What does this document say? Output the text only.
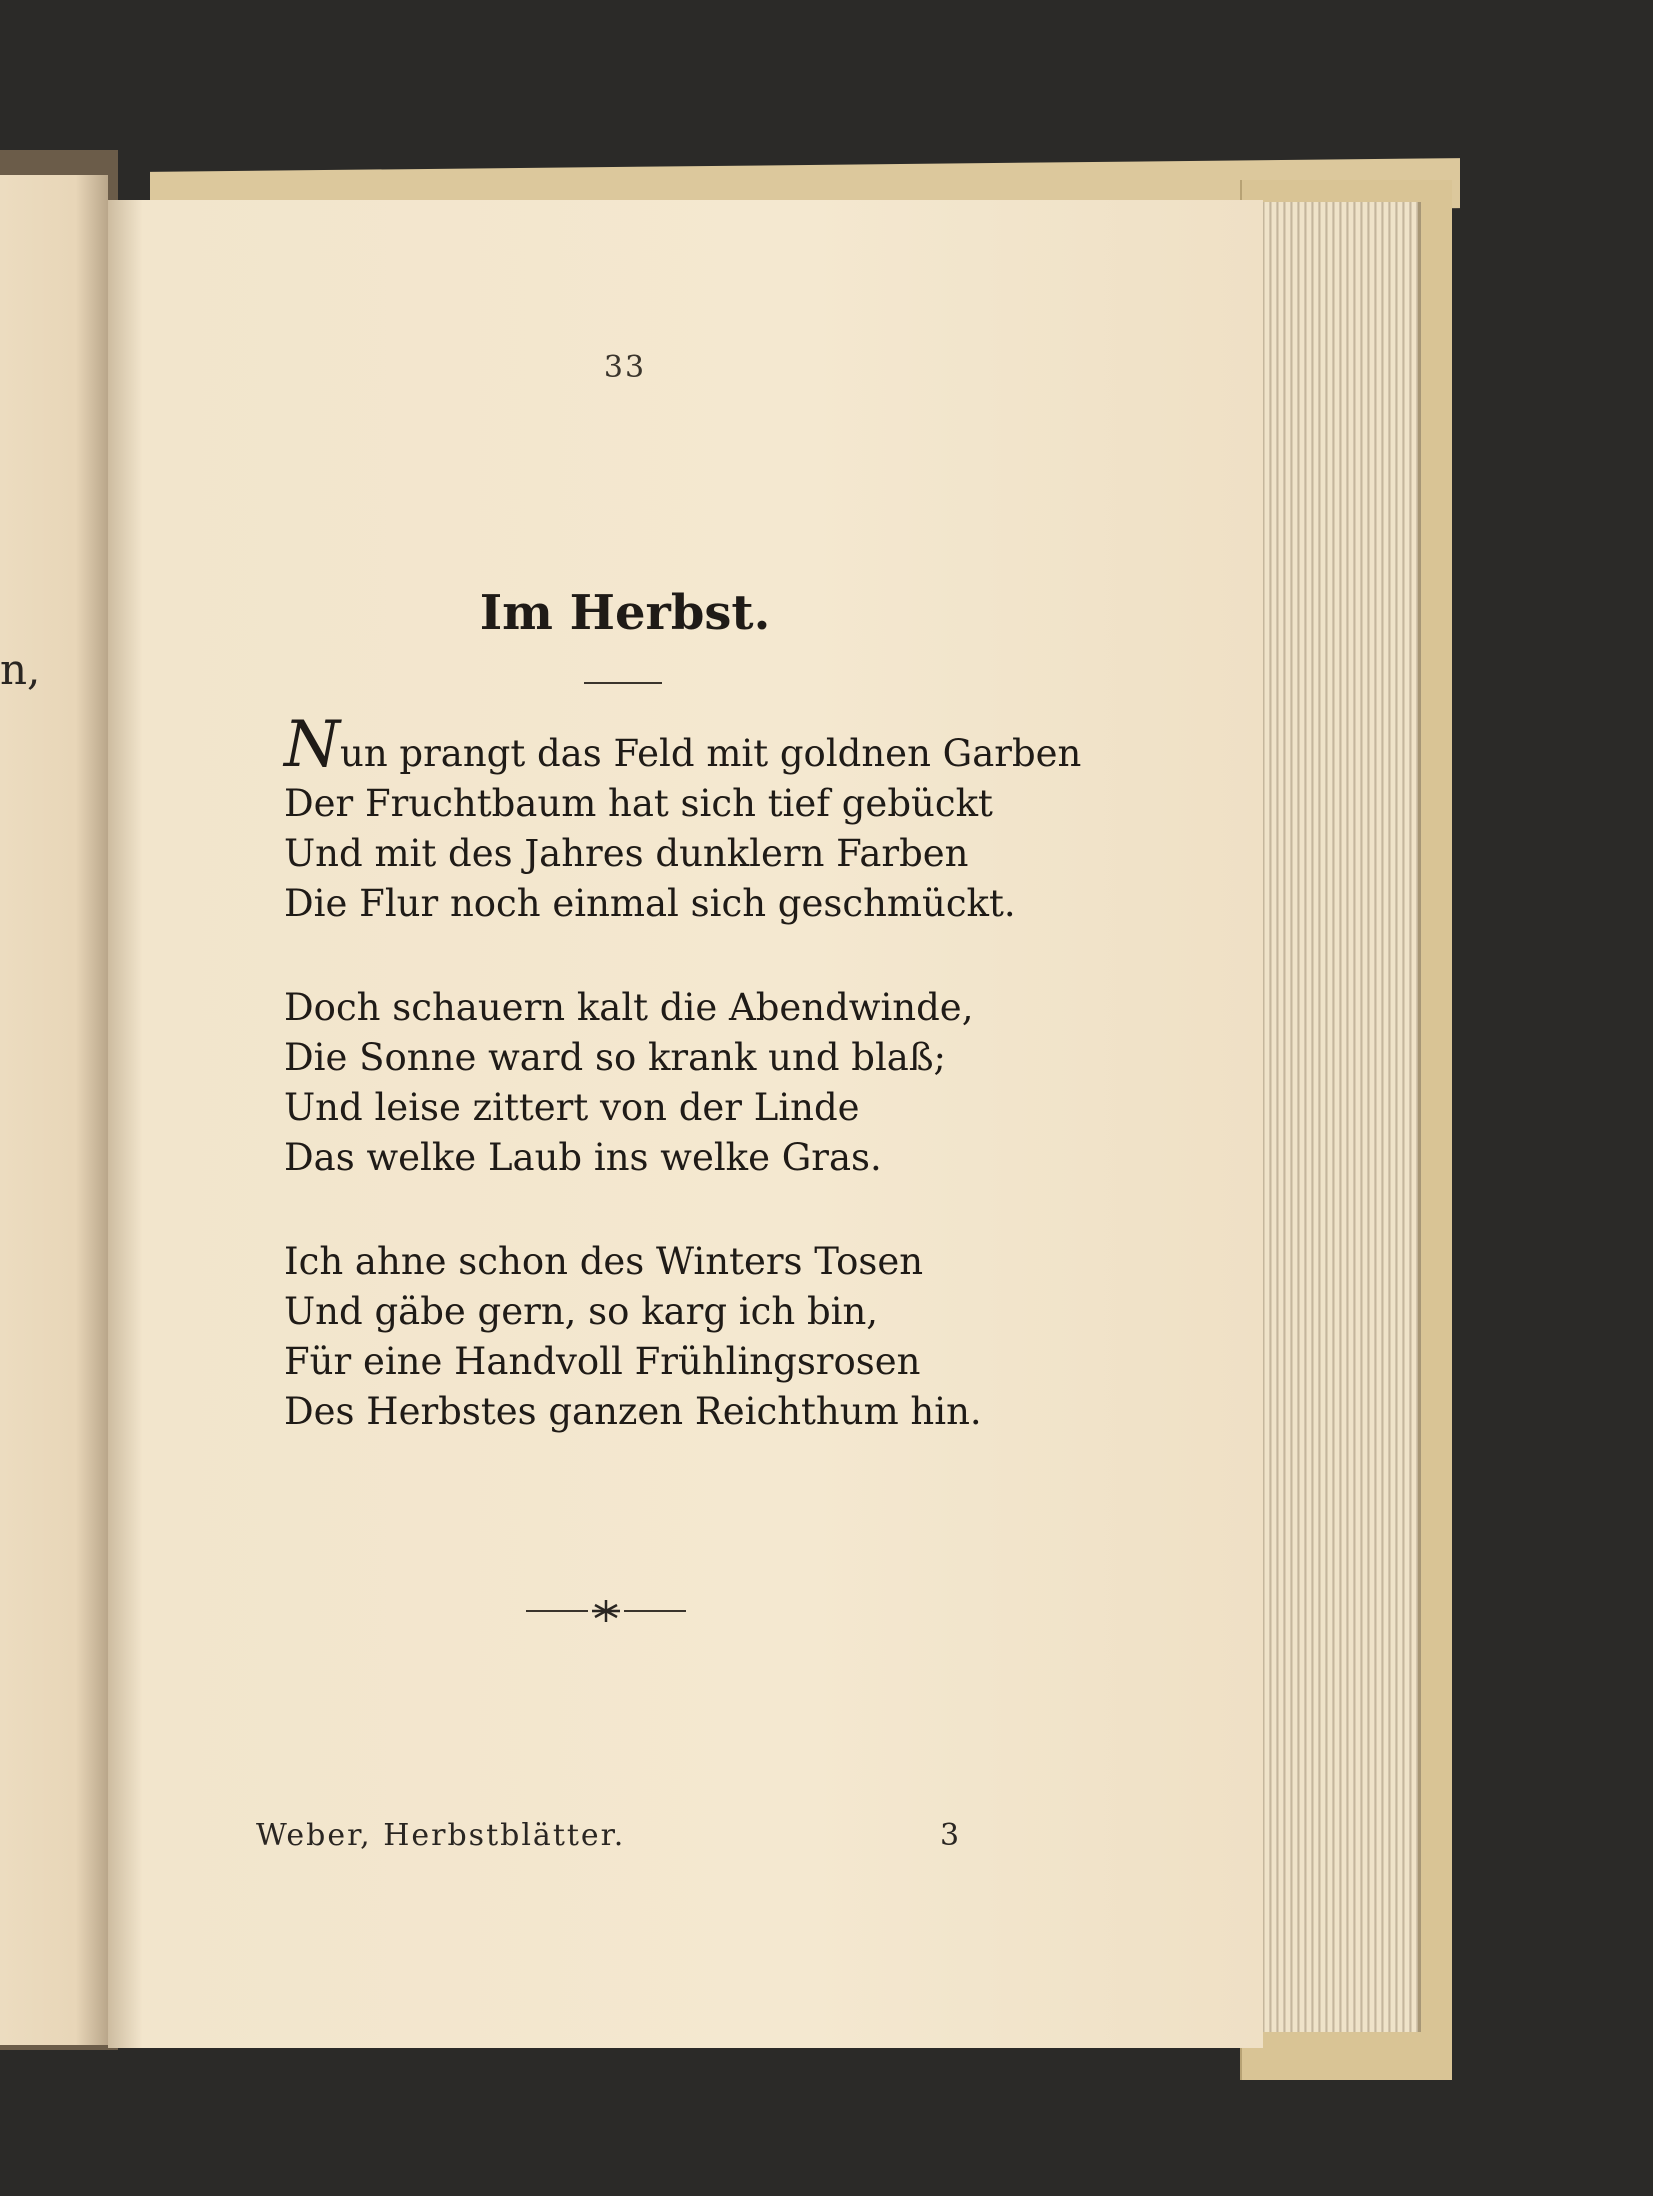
n,
33
Im Herbst.
Nun prangt das Feld mit goldnen Garben
Der Fruchtbaum hat sich tief gebückt
Und mit des Jahres dunklern Farben
Die Flur noch einmal sich geschmückt.
Doch schauern kalt die Abendwinde,
Die Sonne ward so krank und blaß;
Und leise zittert von der Linde
Das welke Laub ins welke Gras.
Ich ahne schon des Winters Tosen
Und gäbe gern, so karg ich bin,
Für eine Handvoll Frühlingsrosen
Des Herbstes ganzen Reichthum hin.
Weber, Herbstblätter.	3
